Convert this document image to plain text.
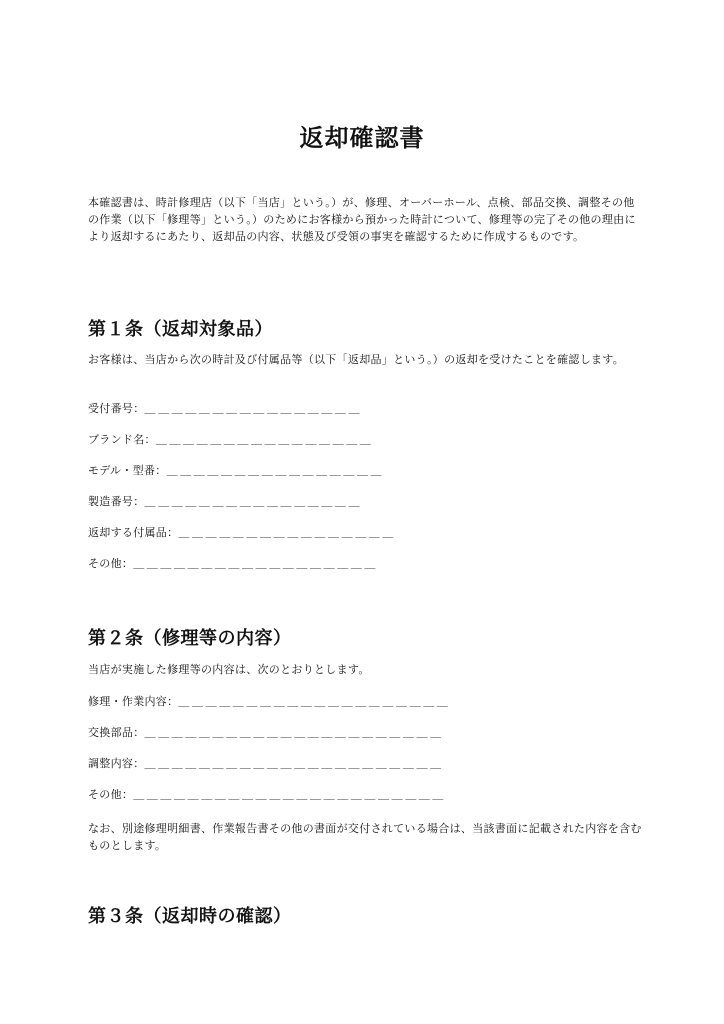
返却確認書
本確認書は、時計修理店（以下「当店」という。）が、修理、オーバーホール、点検、部品交換、調整その他の作業（以下「修理等」という。）のためにお客様から預かった時計について、修理等の完了その他の理由により返却するにあたり、返却品の内容、状態及び受領の事実を確認するために作成するものです。
第１条（返却対象品）
お客様は、当店から次の時計及び付属品等（以下「返却品」という。）の返却を受けたことを確認します。
受付番号：＿＿＿＿＿＿＿＿＿＿＿＿＿＿＿＿
ブランド名：＿＿＿＿＿＿＿＿＿＿＿＿＿＿＿＿
モデル・型番：＿＿＿＿＿＿＿＿＿＿＿＿＿＿＿＿
製造番号：＿＿＿＿＿＿＿＿＿＿＿＿＿＿＿＿
返却する付属品：＿＿＿＿＿＿＿＿＿＿＿＿＿＿＿＿
その他：＿＿＿＿＿＿＿＿＿＿＿＿＿＿＿＿＿＿
第２条（修理等の内容）
当店が実施した修理等の内容は、次のとおりとします。
修理・作業内容：＿＿＿＿＿＿＿＿＿＿＿＿＿＿＿＿＿＿＿＿
交換部品：＿＿＿＿＿＿＿＿＿＿＿＿＿＿＿＿＿＿＿＿＿＿
調整内容：＿＿＿＿＿＿＿＿＿＿＿＿＿＿＿＿＿＿＿＿＿＿
その他：＿＿＿＿＿＿＿＿＿＿＿＿＿＿＿＿＿＿＿＿＿＿＿
なお、別途修理明細書、作業報告書その他の書面が交付されている場合は、当該書面に記載された内容を含むものとします。
第３条（返却時の確認）
